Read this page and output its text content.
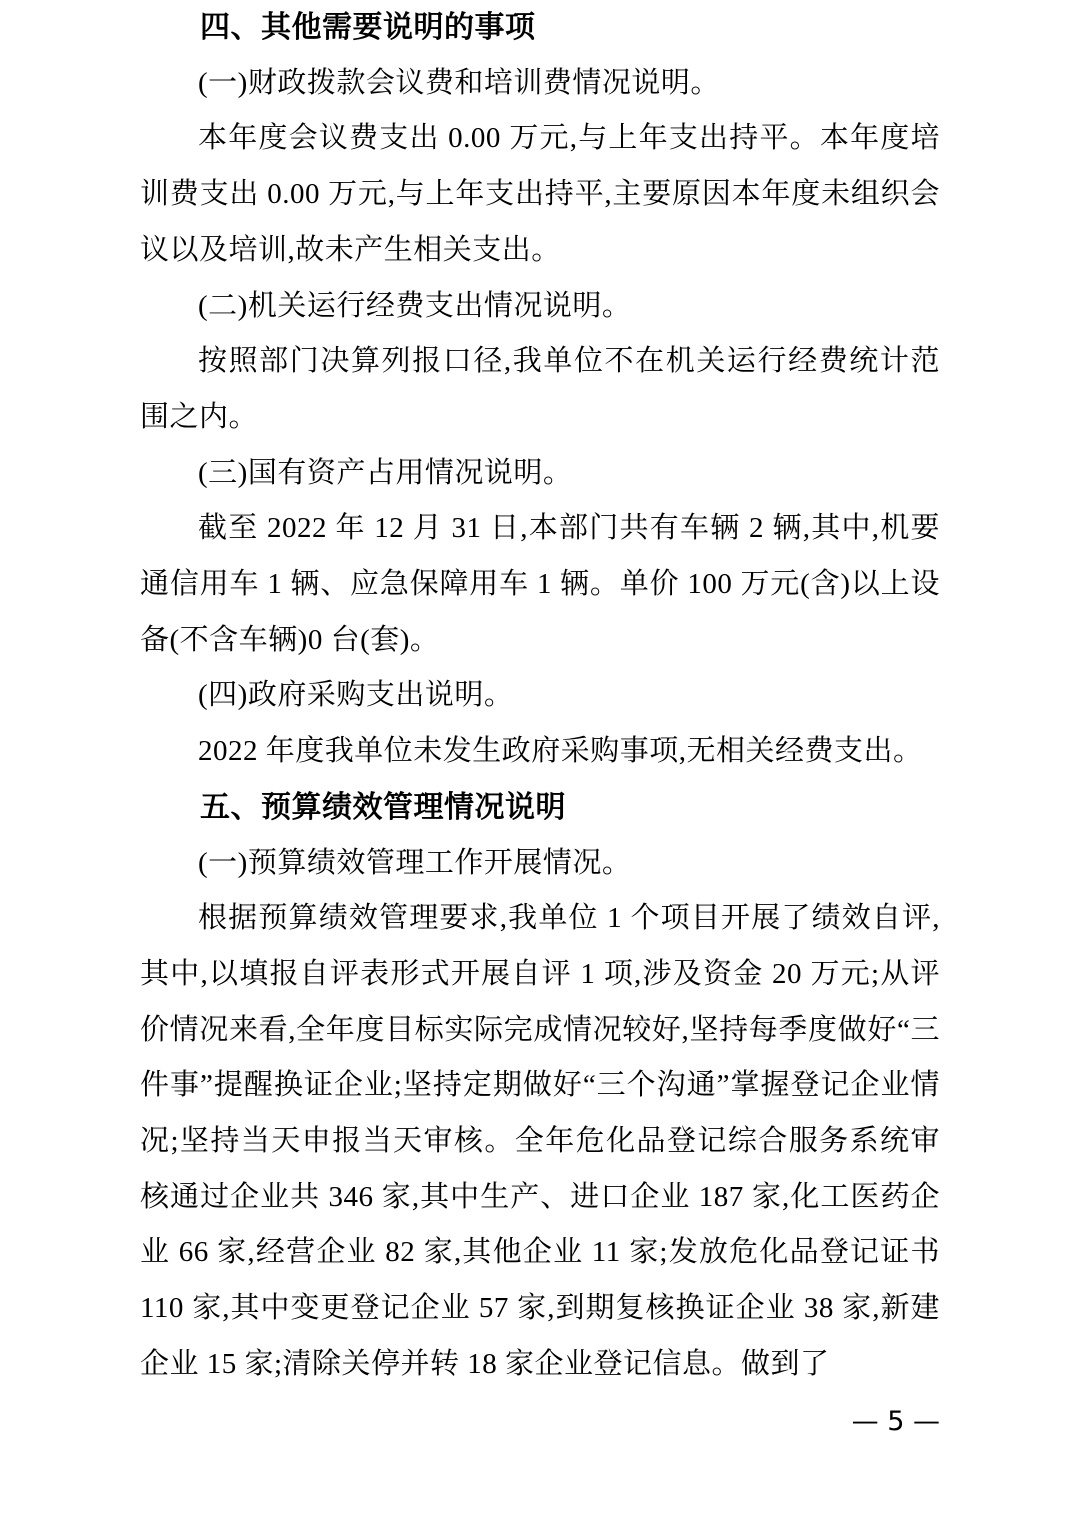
四、其他需要说明的事项

(一)财政拨款会议费和培训费情况说明。

本年度会议费支出 0.00 万元,与上年支出持平。本年度培训费支出 0.00 万元,与上年支出持平,主要原因本年度未组织会议以及培训,故未产生相关支出。

(二)机关运行经费支出情况说明。

按照部门决算列报口径,我单位不在机关运行经费统计范围之内。

(三)国有资产占用情况说明。

截至 2022 年 12 月 31 日,本部门共有车辆 2 辆,其中,机要通信用车 1 辆、应急保障用车 1 辆。单价 100 万元(含)以上设备(不含车辆)0 台(套)。

(四)政府采购支出说明。

2022 年度我单位未发生政府采购事项,无相关经费支出。

五、预算绩效管理情况说明

(一)预算绩效管理工作开展情况。

根据预算绩效管理要求,我单位 1 个项目开展了绩效自评,其中,以填报自评表形式开展自评 1 项,涉及资金 20 万元;从评价情况来看,全年度目标实际完成情况较好,坚持每季度做好“三件事”提醒换证企业;坚持定期做好“三个沟通”掌握登记企业情况;坚持当天申报当天审核。全年危化品登记综合服务系统审核通过企业共 346 家,其中生产、进口企业 187 家,化工医药企业 66 家,经营企业 82 家,其他企业 11 家;发放危化品登记证书 110 家,其中变更登记企业 57 家,到期复核换证企业 38 家,新建企业 15 家;清除关停并转 18 家企业登记信息。做到了

— 5 —
